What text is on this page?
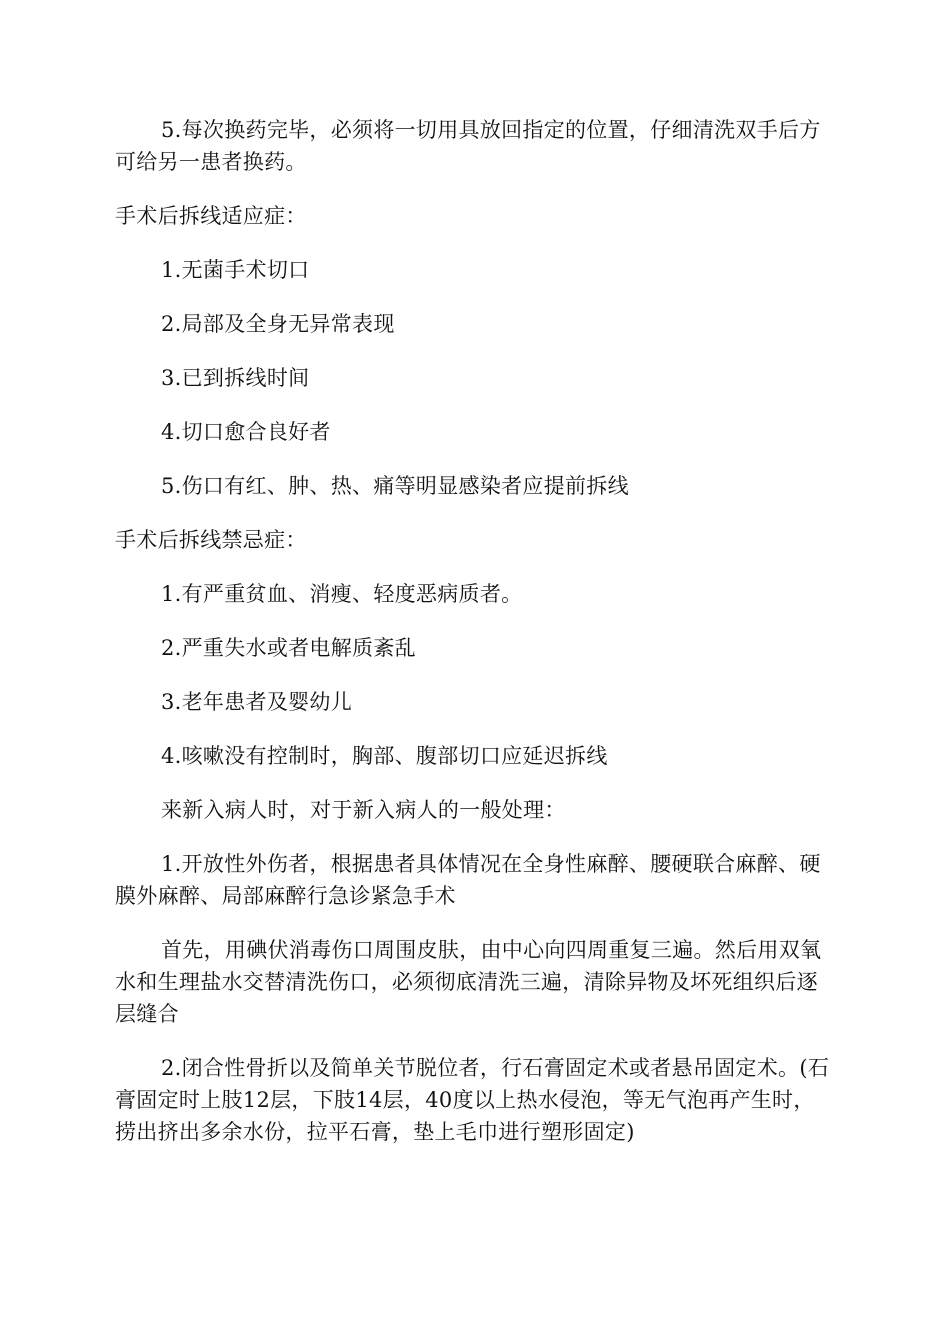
5.每次换药完毕，必须将一切用具放回指定的位置，仔细清洗双手后方可给另一患者换药。

手术后拆线适应症：

1.无菌手术切口

2.局部及全身无异常表现

3.已到拆线时间

4.切口愈合良好者

5.伤口有红、肿、热、痛等明显感染者应提前拆线

手术后拆线禁忌症：

1.有严重贫血、消瘦、轻度恶病质者。

2.严重失水或者电解质紊乱

3.老年患者及婴幼儿

4.咳嗽没有控制时，胸部、腹部切口应延迟拆线

来新入病人时，对于新入病人的一般处理：

1.开放性外伤者，根据患者具体情况在全身性麻醉、腰硬联合麻醉、硬膜外麻醉、局部麻醉行急诊紧急手术

首先，用碘伏消毒伤口周围皮肤，由中心向四周重复三遍。然后用双氧水和生理盐水交替清洗伤口，必须彻底清洗三遍，清除异物及坏死组织后逐层缝合

2.闭合性骨折以及简单关节脱位者，行石膏固定术或者悬吊固定术。(石膏固定时上肢12层，下肢14层，40度以上热水侵泡，等无气泡再产生时，捞出挤出多余水份，拉平石膏，垫上毛巾进行塑形固定)
